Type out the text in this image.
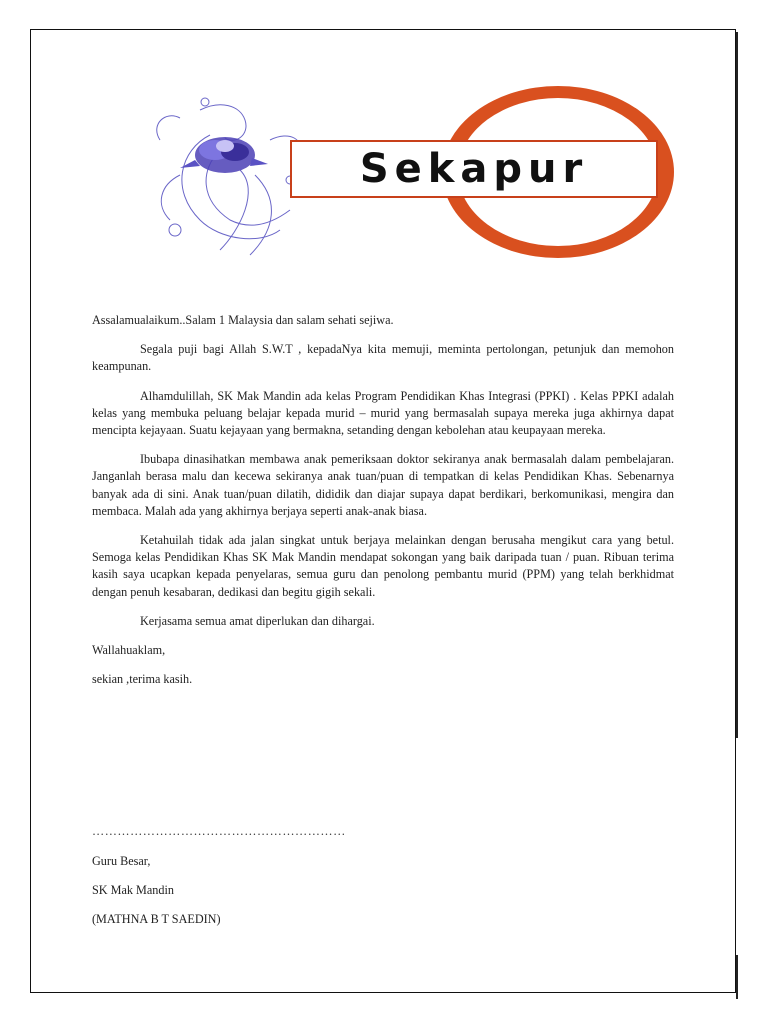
Sekapur

Assalamualaikum..Salam 1 Malaysia dan salam sehati sejiwa.

Segala puji bagi Allah S.W.T , kepadaNya kita memuji, meminta pertolongan, petunjuk dan memohon keampunan.

Alhamdulillah, SK Mak Mandin ada kelas Program Pendidikan Khas Integrasi (PPKI) . Kelas PPKI adalah kelas yang membuka peluang belajar kepada murid – murid yang bermasalah supaya mereka juga akhirnya dapat mencipta kejayaan. Suatu kejayaan yang bermakna, setanding dengan kebolehan atau keupayaan mereka.

Ibubapa dinasihatkan membawa anak pemeriksaan doktor sekiranya anak bermasalah dalam pembelajaran. Janganlah berasa malu dan kecewa sekiranya anak tuan/puan di tempatkan di kelas Pendidikan Khas. Sebenarnya banyak ada di sini. Anak tuan/puan dilatih, dididik dan diajar supaya dapat berdikari, berkomunikasi, mengira dan membaca. Malah ada yang akhirnya berjaya seperti anak-anak biasa.

Ketahuilah tidak ada jalan singkat untuk berjaya melainkan dengan berusaha mengikut cara yang betul. Semoga kelas Pendidikan Khas SK Mak Mandin mendapat sokongan yang baik daripada tuan / puan. Ribuan terima kasih saya ucapkan kepada penyelaras, semua guru dan penolong pembantu murid (PPM) yang telah berkhidmat dengan penuh kesabaran, dedikasi dan begitu gigih sekali.

Kerjasama semua amat diperlukan dan dihargai.

Wallahuaklam,

sekian ,terima kasih.

……………………………………………………

Guru Besar,

SK Mak Mandin

(MATHNA B T SAEDIN)
